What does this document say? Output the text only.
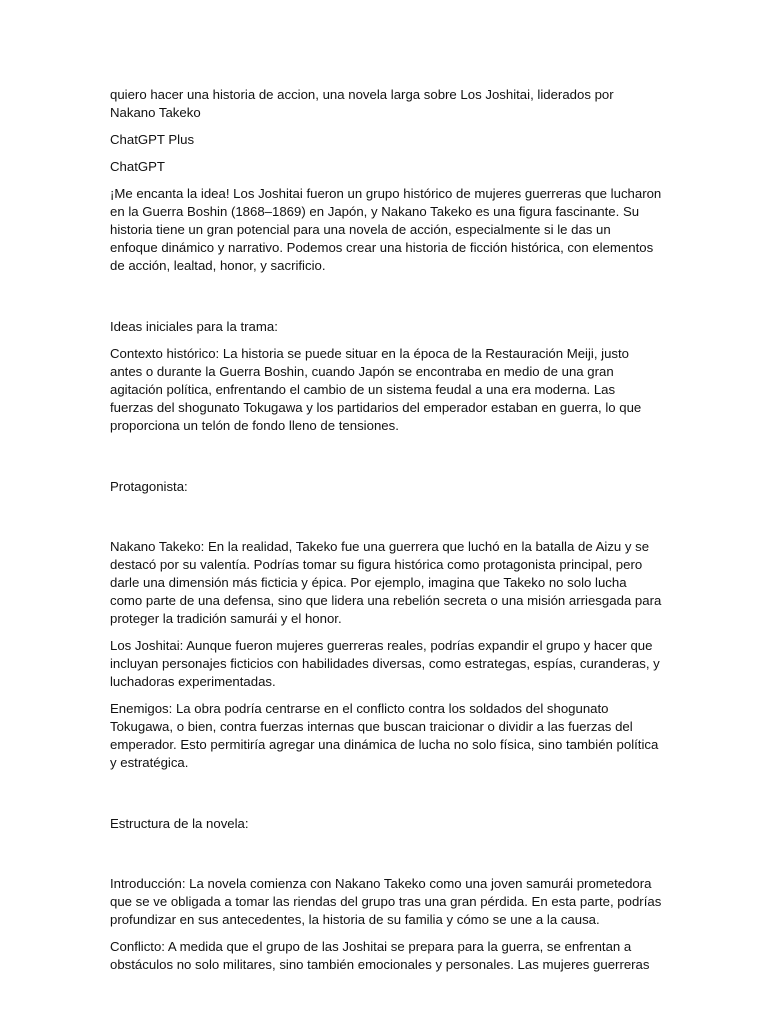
quiero hacer una historia de accion, una novela larga sobre Los Joshitai, liderados por Nakano Takeko

ChatGPT Plus

ChatGPT

¡Me encanta la idea! Los Joshitai fueron un grupo histórico de mujeres guerreras que lucharon en la Guerra Boshin (1868–1869) en Japón, y Nakano Takeko es una figura fascinante. Su historia tiene un gran potencial para una novela de acción, especialmente si le das un enfoque dinámico y narrativo. Podemos crear una historia de ficción histórica, con elementos de acción, lealtad, honor, y sacrificio.

Ideas iniciales para la trama:

Contexto histórico: La historia se puede situar en la época de la Restauración Meiji, justo antes o durante la Guerra Boshin, cuando Japón se encontraba en medio de una gran agitación política, enfrentando el cambio de un sistema feudal a una era moderna. Las fuerzas del shogunato Tokugawa y los partidarios del emperador estaban en guerra, lo que proporciona un telón de fondo lleno de tensiones.

Protagonista:

Nakano Takeko: En la realidad, Takeko fue una guerrera que luchó en la batalla de Aizu y se destacó por su valentía. Podrías tomar su figura histórica como protagonista principal, pero darle una dimensión más ficticia y épica. Por ejemplo, imagina que Takeko no solo lucha como parte de una defensa, sino que lidera una rebelión secreta o una misión arriesgada para proteger la tradición samurái y el honor.

Los Joshitai: Aunque fueron mujeres guerreras reales, podrías expandir el grupo y hacer que incluyan personajes ficticios con habilidades diversas, como estrategas, espías, curanderas, y luchadoras experimentadas.

Enemigos: La obra podría centrarse en el conflicto contra los soldados del shogunato Tokugawa, o bien, contra fuerzas internas que buscan traicionar o dividir a las fuerzas del emperador. Esto permitiría agregar una dinámica de lucha no solo física, sino también política y estratégica.

Estructura de la novela:

Introducción: La novela comienza con Nakano Takeko como una joven samurái prometedora que se ve obligada a tomar las riendas del grupo tras una gran pérdida. En esta parte, podrías profundizar en sus antecedentes, la historia de su familia y cómo se une a la causa.

Conflicto: A medida que el grupo de las Joshitai se prepara para la guerra, se enfrentan a obstáculos no solo militares, sino también emocionales y personales. Las mujeres guerreras
